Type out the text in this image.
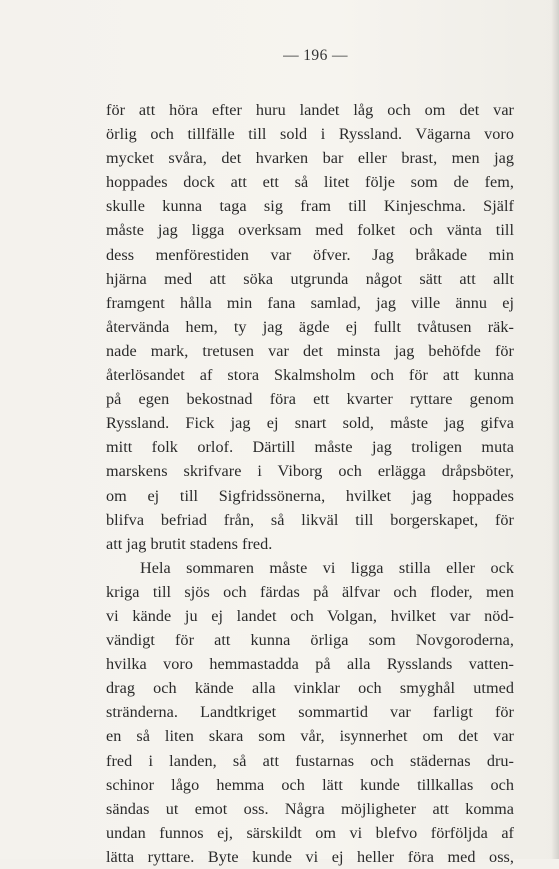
— 196 —
för att höra efter huru landet låg och om det var
örlig och tillfälle till sold i Ryssland. Vägarna voro
mycket svåra, det hvarken bar eller brast, men jag
hoppades dock att ett så litet följe som de fem,
skulle kunna taga sig fram till Kinjeschma. Själf
måste jag ligga overksam med folket och vänta till
dess menförestiden var öfver. Jag bråkade min
hjärna med att söka utgrunda något sätt att allt
framgent hålla min fana samlad, jag ville ännu ej
återvända hem, ty jag ägde ej fullt tvåtusen räk-
nade mark, tretusen var det minsta jag behöfde för
återlösandet af stora Skalmsholm och för att kunna
på egen bekostnad föra ett kvarter ryttare genom
Ryssland. Fick jag ej snart sold, måste jag gifva
mitt folk orlof. Därtill måste jag troligen muta
marskens skrifvare i Viborg och erlägga dråpsböter,
om ej till Sigfridssönerna, hvilket jag hoppades
blifva befriad från, så likväl till borgerskapet, för
att jag brutit stadens fred.
Hela sommaren måste vi ligga stilla eller ock
kriga till sjös och färdas på älfvar och floder, men
vi kände ju ej landet och Volgan, hvilket var nöd-
vändigt för att kunna örliga som Novgoroderna,
hvilka voro hemmastadda på alla Rysslands vatten-
drag och kände alla vinklar och smyghål utmed
stränderna. Landtkriget sommartid var farligt för
en så liten skara som vår, isynnerhet om det var
fred i landen, så att fustarnas och städernas dru-
schinor lågo hemma och lätt kunde tillkallas och
sändas ut emot oss. Några möjligheter att komma
undan funnos ej, särskildt om vi blefvo förföljda af
lätta ryttare. Byte kunde vi ej heller föra med oss,
